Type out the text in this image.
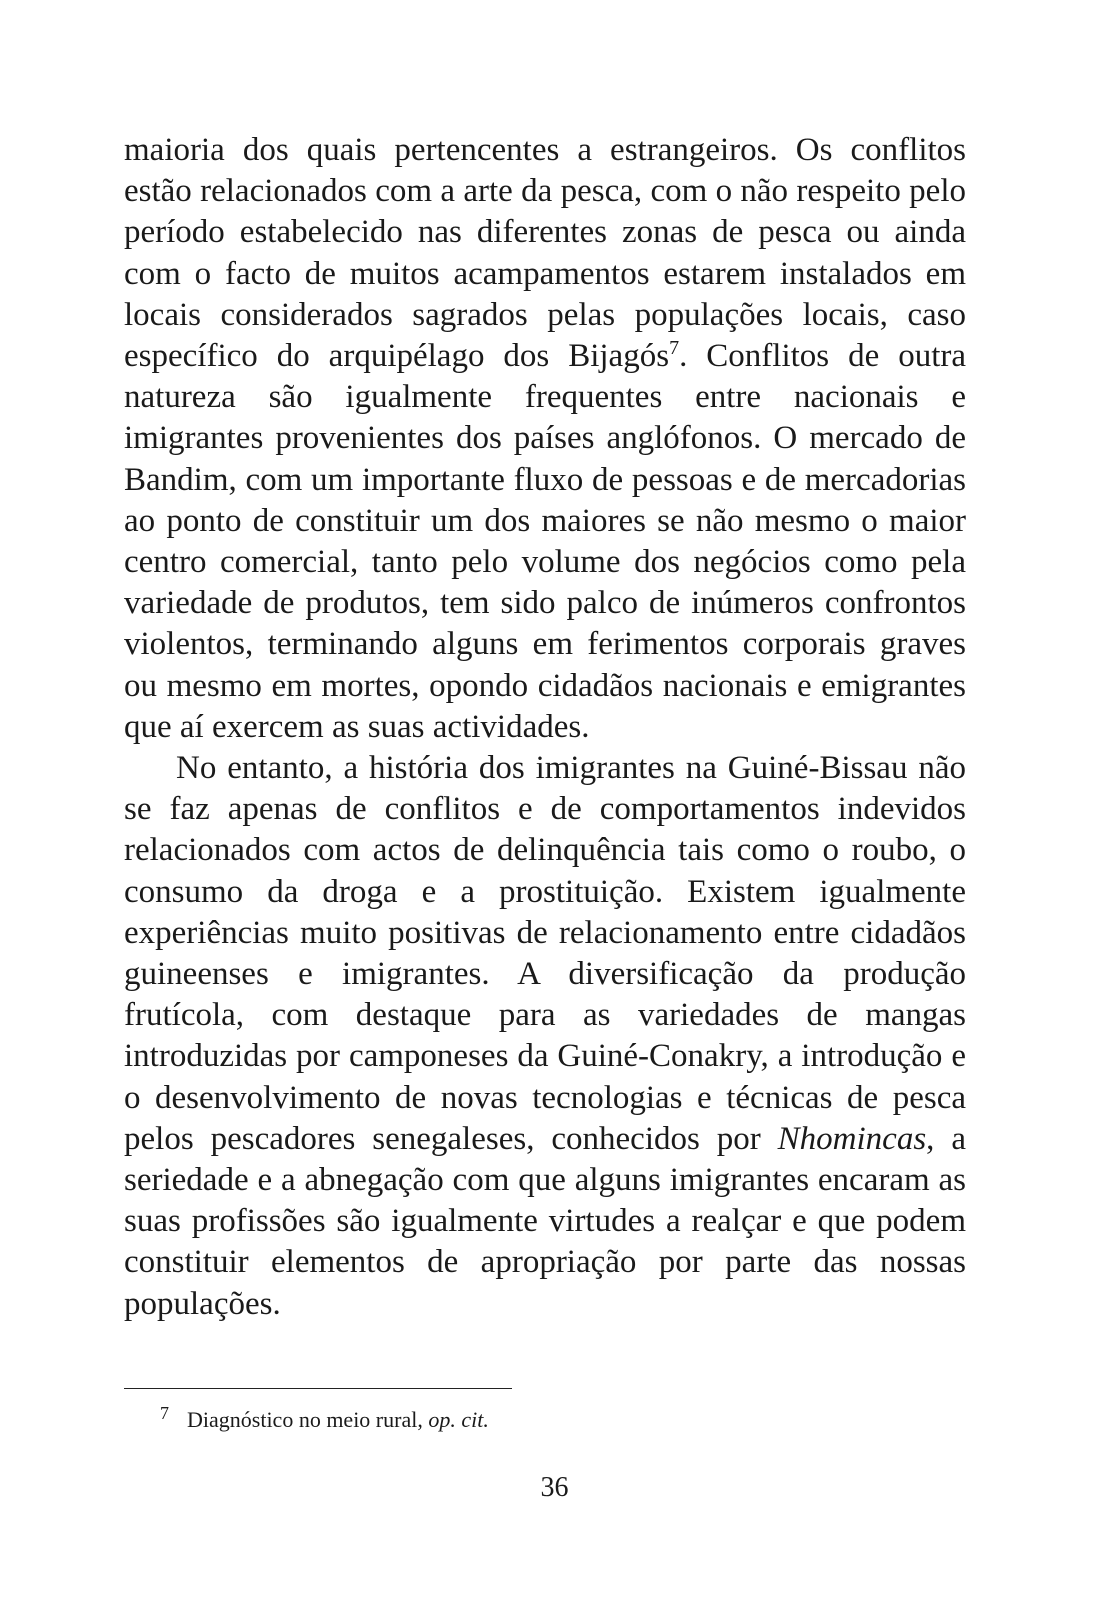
maioria dos quais pertencentes a estrangeiros. Os conflitos estão relacionados com a arte da pesca, com o não respeito pelo período estabelecido nas diferentes zonas de pesca ou ainda com o facto de muitos acampamentos estarem instalados em locais considerados sagrados pelas populações locais, caso específico do arquipélago dos Bijagós$^7$. Conflitos de outra natureza são igualmente frequentes entre nacionais e imigrantes provenientes dos países anglófonos. O mercado de Bandim, com um importante fluxo de pessoas e de mercadorias ao ponto de constituir um dos maiores se não mesmo o maior centro comercial, tanto pelo volume dos negócios como pela variedade de produtos, tem sido palco de inúmeros confrontos violentos, terminando alguns em ferimentos corporais graves ou mesmo em mortes, opondo cidadãos nacionais e emigrantes que aí exercem as suas actividades.

No entanto, a história dos imigrantes na Guiné-Bissau não se faz apenas de conflitos e de comportamentos indevidos relacionados com actos de delinquência tais como o roubo, o consumo da droga e a prostituição. Existem igualmente experiências muito positivas de relacionamento entre cidadãos guineenses e imigrantes. A diversificação da produção frutícola, com destaque para as variedades de mangas introduzidas por camponeses da Guiné-Conakry, a introdução e o desenvolvimento de novas tecnologias e técnicas de pesca pelos pescadores senegaleses, conhecidos por Nhomincas, a seriedade e a abnegação com que alguns imigrantes encaram as suas profissões são igualmente virtudes a realçar e que podem constituir elementos de apropriação por parte das nossas populações.

$^7$ Diagnóstico no meio rural, op. cit.
36
